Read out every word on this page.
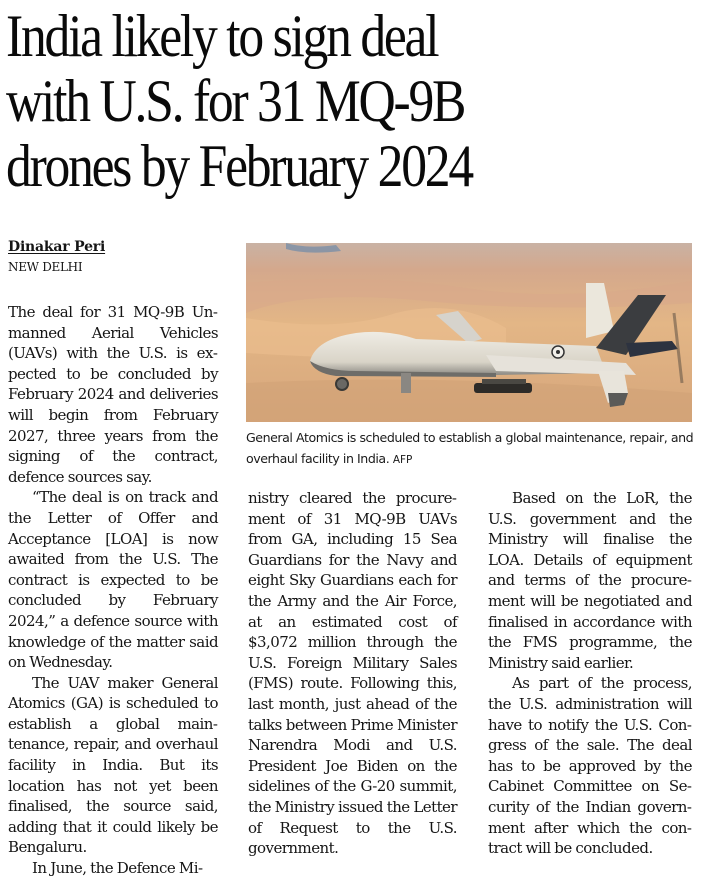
India likely to sign deal
with U.S. for 31 MQ-9B
drones by February 2024
Dinakar Peri
NEW DELHI

The deal for 31 MQ-9B Unmanned Aerial Vehicles (UAVs) with the U.S. is expected to be concluded by February 2024 and deliveries will begin from February 2027, three years from the signing of the contract, defence sources say.

“The deal is on track and the Letter of Offer and Acceptance [LOA] is now awaited from the U.S. The contract is expected to be concluded by February 2024,” a defence source with knowledge of the matter said on Wednesday.

The UAV maker General Atomics (GA) is scheduled to establish a global maintenance, repair, and overhaul facility in India. But its location has not yet been finalised, the source said, adding that it could likely be Bengaluru.

In June, the Defence Mi-

General Atomics is scheduled to establish a global maintenance, repair, and overhaul facility in India. AFP

nistry cleared the procurement of 31 MQ-9B UAVs from GA, including 15 Sea Guardians for the Navy and eight Sky Guardians each for the Army and the Air Force, at an estimated cost of $3,072 million through the U.S. Foreign Military Sales (FMS) route. Following this, last month, just ahead of the talks between Prime Minister Narendra Modi and U.S. President Joe Biden on the sidelines of the G-20 summit, the Ministry issued the Letter of Request to the U.S. government.

Based on the LoR, the U.S. government and the Ministry will finalise the LOA. Details of equipment and terms of the procurement will be negotiated and finalised in accordance with the FMS programme, the Ministry said earlier.

As part of the process, the U.S. administration will have to notify the U.S. Congress of the sale. The deal has to be approved by the Cabinet Committee on Security of the Indian government after which the contract will be concluded.
